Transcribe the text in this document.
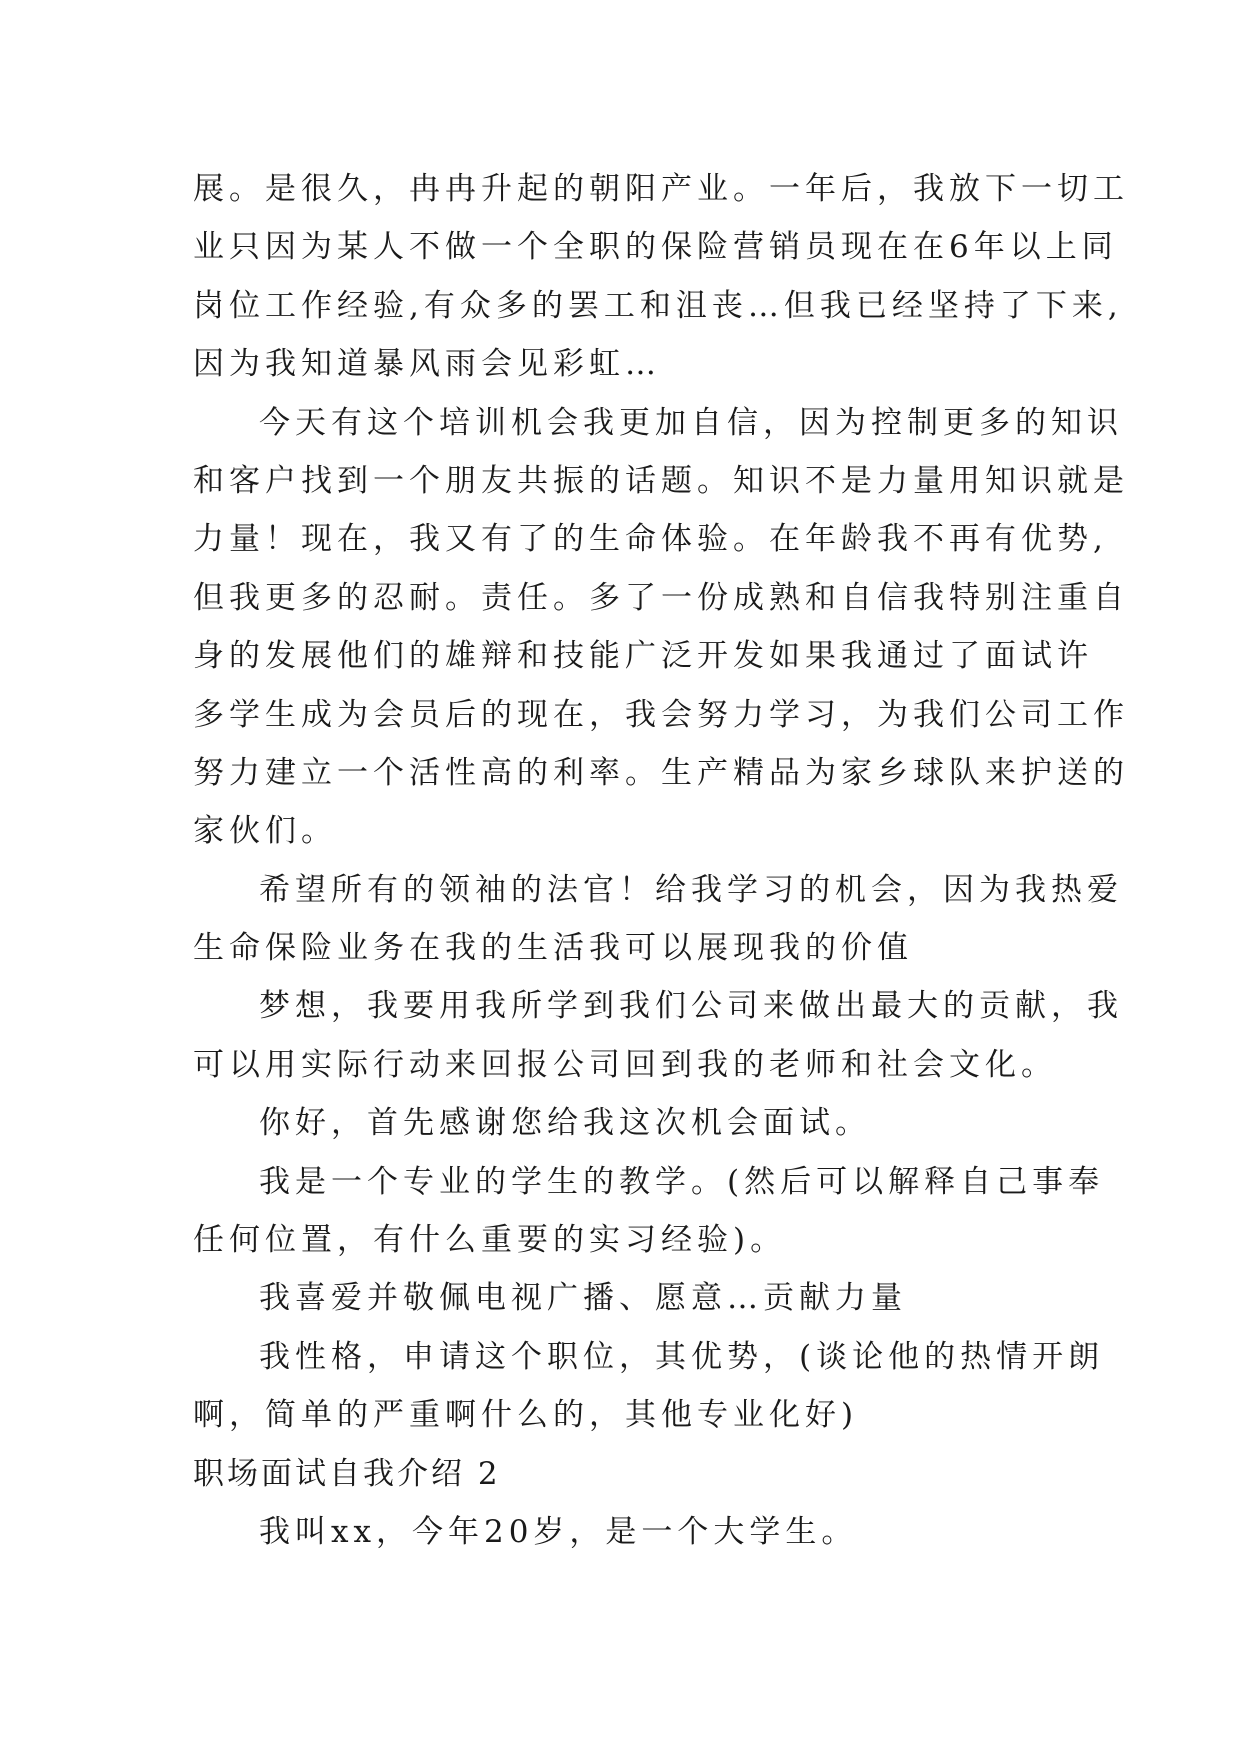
展。是很久，冉冉升起的朝阳产业。一年后，我放下一切工
业只因为某人不做一个全职的保险营销员现在在6年以上同
岗位工作经验,有众多的罢工和沮丧…但我已经坚持了下来,
因为我知道暴风雨会见彩虹…
今天有这个培训机会我更加自信，因为控制更多的知识
和客户找到一个朋友共振的话题。知识不是力量用知识就是
力量！现在，我又有了的生命体验。在年龄我不再有优势,
但我更多的忍耐。责任。多了一份成熟和自信我特别注重自
身的发展他们的雄辩和技能广泛开发如果我通过了面试许
多学生成为会员后的现在，我会努力学习，为我们公司工作
努力建立一个活性高的利率。生产精品为家乡球队来护送的
家伙们。
希望所有的领袖的法官！给我学习的机会，因为我热爱
生命保险业务在我的生活我可以展现我的价值
梦想，我要用我所学到我们公司来做出最大的贡献，我
可以用实际行动来回报公司回到我的老师和社会文化。
你好，首先感谢您给我这次机会面试。
我是一个专业的学生的教学。(然后可以解释自己事奉
任何位置，有什么重要的实习经验)。
我喜爱并敬佩电视广播、愿意…贡献力量
我性格，申请这个职位，其优势，(谈论他的热情开朗
啊，简单的严重啊什么的，其他专业化好)
职场面试自我介绍 2
我叫xx，今年20岁，是一个大学生。
